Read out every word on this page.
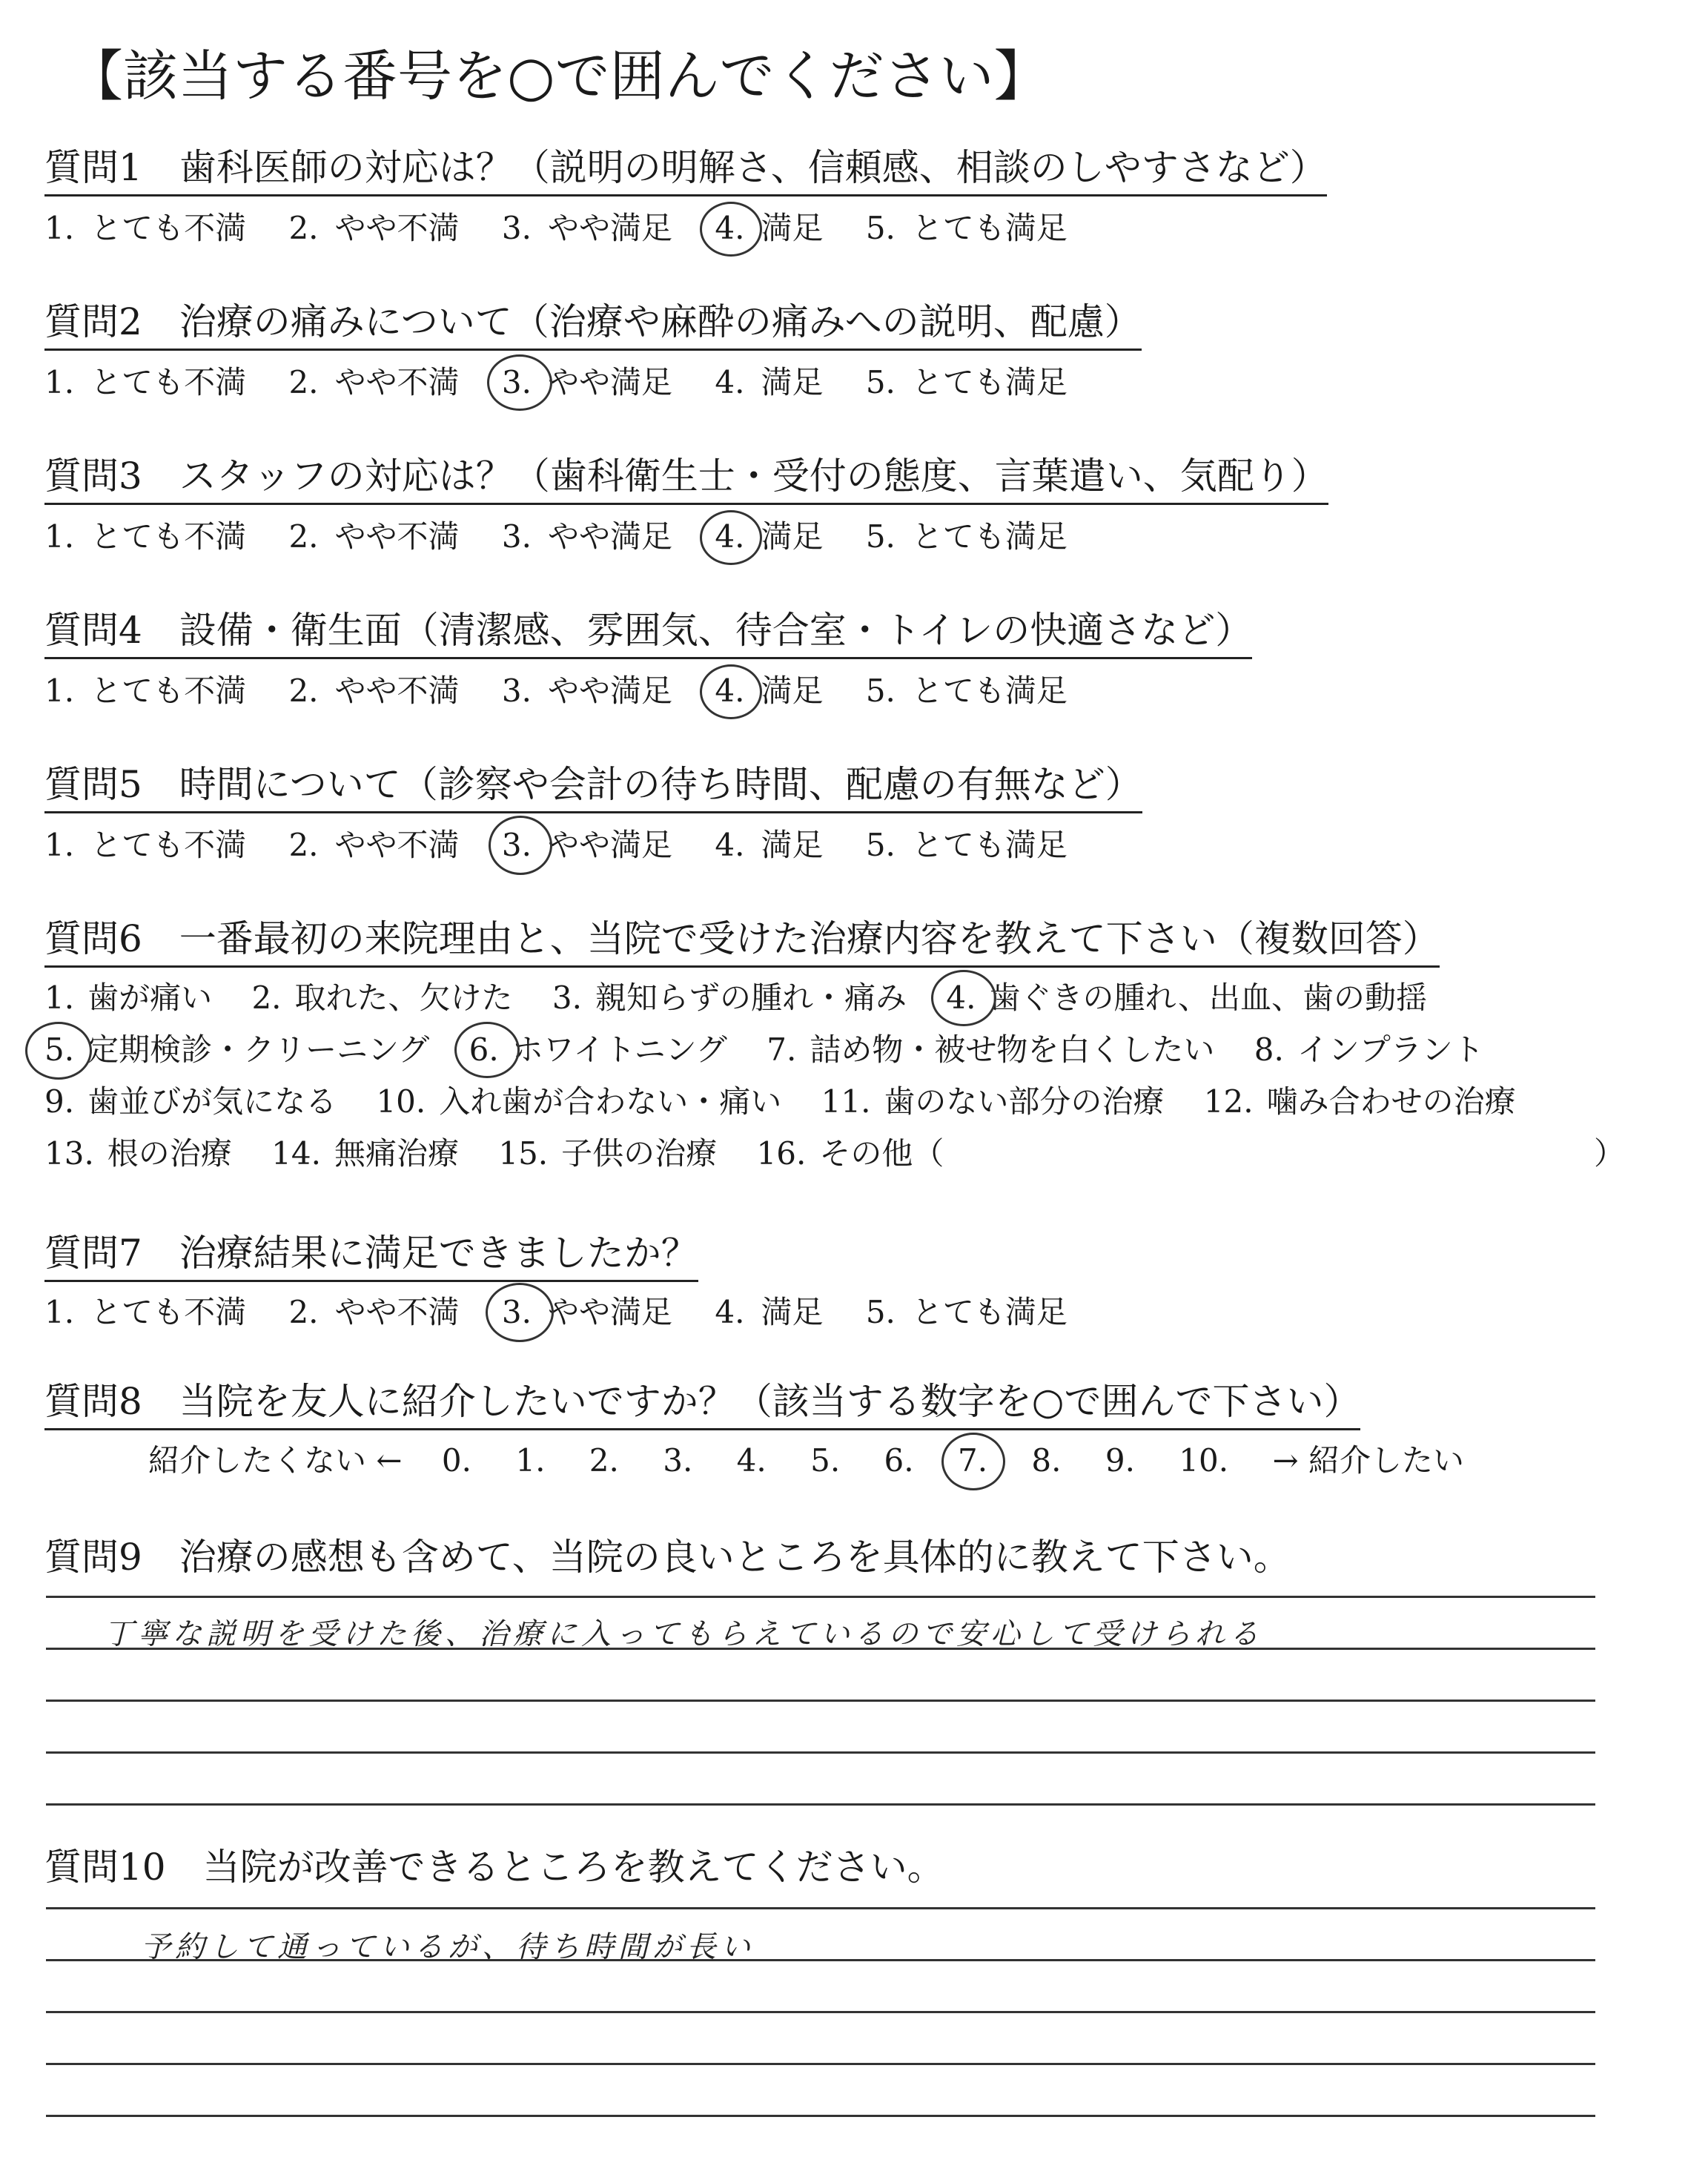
【該当する番号を○で囲んでください】
質問1　歯科医師の対応は？（説明の明解さ、信頼感、相談のしやすさなど）
1. とても不満 2. やや不満 3. やや満足 4. 満足 5. とても満足
質問2　治療の痛みについて（治療や麻酔の痛みへの説明、配慮）
1. とても不満 2. やや不満 3. やや満足 4. 満足 5. とても満足
質問3　スタッフの対応は？（歯科衛生士・受付の態度、言葉遣い、気配り）
1. とても不満 2. やや不満 3. やや満足 4. 満足 5. とても満足
質問4　設備・衛生面（清潔感、雰囲気、待合室・トイレの快適さなど）
1. とても不満 2. やや不満 3. やや満足 4. 満足 5. とても満足
質問5　時間について（診察や会計の待ち時間、配慮の有無など）
1. とても不満 2. やや不満 3. やや満足 4. 満足 5. とても満足
質問6　一番最初の来院理由と、当院で受けた治療内容を教えて下さい（複数回答）
1. 歯が痛い 2. 取れた、欠けた 3. 親知らずの腫れ・痛み 4. 歯ぐきの腫れ、出血、歯の動揺
5. 定期検診・クリーニング 6. ホワイトニング 7. 詰め物・被せ物を白くしたい 8. インプラント
9. 歯並びが気になる 10. 入れ歯が合わない・痛い 11. 歯のない部分の治療 12. 噛み合わせの治療
13. 根の治療 14. 無痛治療 15. 子供の治療 16. その他（	）
質問7　治療結果に満足できましたか？
1. とても不満 2. やや不満 3. やや満足 4. 満足 5. とても満足
質問8　当院を友人に紹介したいですか？（該当する数字を○で囲んで下さい）
紹介したくない ← 0. 1. 2. 3. 4. 5. 6. 7. 8. 9. 10. → 紹介したい
質問9　治療の感想も含めて、当院の良いところを具体的に教えて下さい。
丁寧な説明を受けた後、治療に入ってもらえているので安心して受けられる
質問10　当院が改善できるところを教えてください。
予約して通っているが、待ち時間が長い
